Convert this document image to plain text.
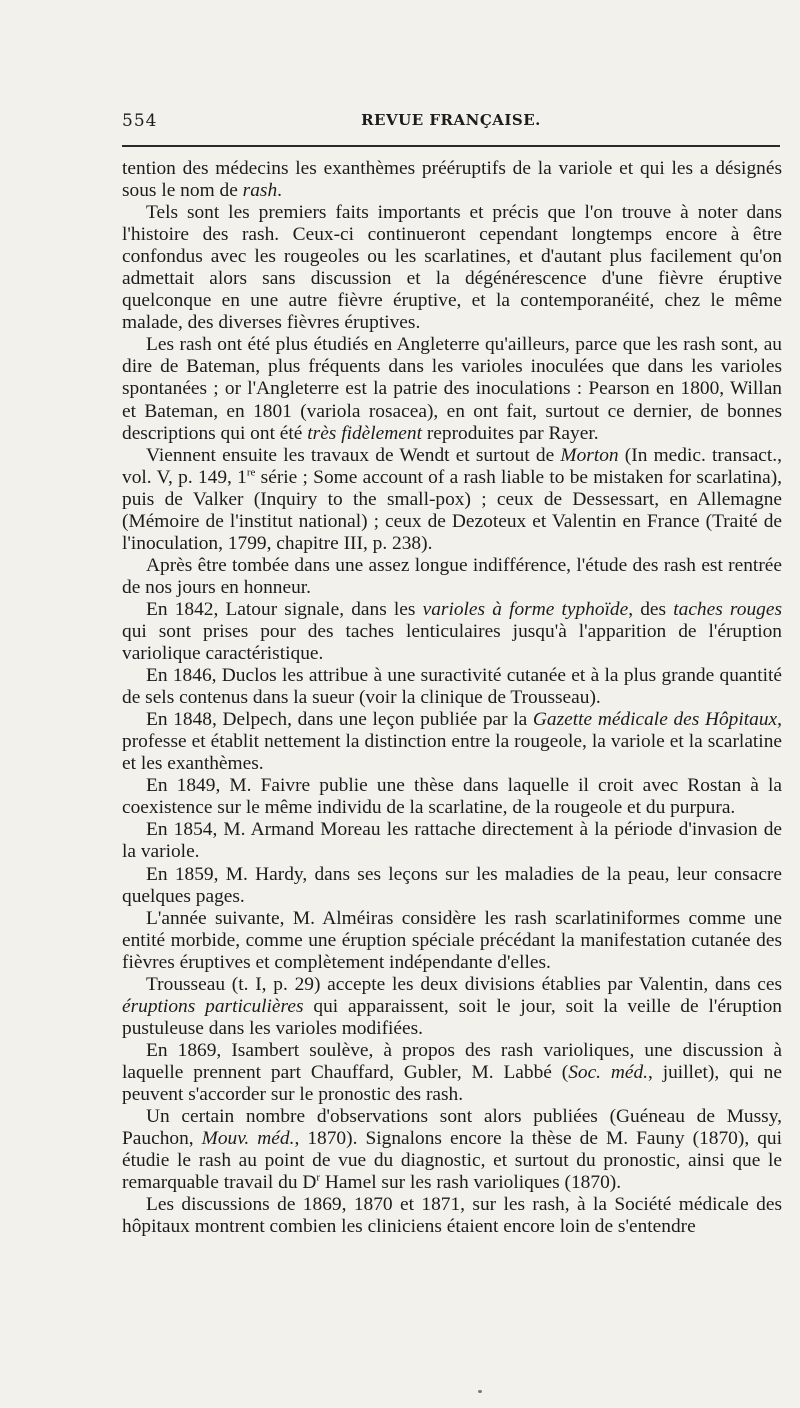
554	REVUE FRANÇAISE.

tention des médecins les exanthèmes prééruptifs de la variole et qui les a désignés sous le nom de rash.

Tels sont les premiers faits importants et précis que l'on trouve à noter dans l'histoire des rash. Ceux-ci continueront cependant longtemps encore à être confondus avec les rougeoles ou les scarlatines, et d'autant plus facilement qu'on admettait alors sans discussion et la dégénérescence d'une fièvre éruptive quelconque en une autre fièvre éruptive, et la contemporanéité, chez le même malade, des diverses fièvres éruptives.

Les rash ont été plus étudiés en Angleterre qu'ailleurs, parce que les rash sont, au dire de Bateman, plus fréquents dans les varioles inoculées que dans les varioles spontanées ; or l'Angleterre est la patrie des inoculations : Pearson en 1800, Willan et Bateman, en 1801 (variola rosacea), en ont fait, surtout ce dernier, de bonnes descriptions qui ont été très fidèlement reproduites par Rayer.

Viennent ensuite les travaux de Wendt et surtout de Morton (In medic. transact., vol. V, p. 149, 1re série ; Some account of a rash liable to be mistaken for scarlatina), puis de Valker (Inquiry to the small-pox) ; ceux de Dessessart, en Allemagne (Mémoire de l'institut national) ; ceux de Dezoteux et Valentin en France (Traité de l'inoculation, 1799, chapitre III, p. 238).

Après être tombée dans une assez longue indifférence, l'étude des rash est rentrée de nos jours en honneur.

En 1842, Latour signale, dans les varioles à forme typhoïde, des taches rouges qui sont prises pour des taches lenticulaires jusqu'à l'apparition de l'éruption variolique caractéristique.

En 1846, Duclos les attribue à une suractivité cutanée et à la plus grande quantité de sels contenus dans la sueur (voir la clinique de Trousseau).

En 1848, Delpech, dans une leçon publiée par la Gazette médicale des Hôpitaux, professe et établit nettement la distinction entre la rougeole, la variole et la scarlatine et les exanthèmes.

En 1849, M. Faivre publie une thèse dans laquelle il croit avec Rostan à la coexistence sur le même individu de la scarlatine, de la rougeole et du purpura.

En 1854, M. Armand Moreau les rattache directement à la période d'invasion de la variole.

En 1859, M. Hardy, dans ses leçons sur les maladies de la peau, leur consacre quelques pages.

L'année suivante, M. Alméiras considère les rash scarlatiniformes comme une entité morbide, comme une éruption spéciale précédant la manifestation cutanée des fièvres éruptives et complètement indépendante d'elles.

Trousseau (t. I, p. 29) accepte les deux divisions établies par Valentin, dans ces éruptions particulières qui apparaissent, soit le jour, soit la veille de l'éruption pustuleuse dans les varioles modifiées.

En 1869, Isambert soulève, à propos des rash varioliques, une discussion à laquelle prennent part Chauffard, Gubler, M. Labbé (Soc. méd., juillet), qui ne peuvent s'accorder sur le pronostic des rash.

Un certain nombre d'observations sont alors publiées (Guéneau de Mussy, Pauchon, Mouv. méd., 1870). Signalons encore la thèse de M. Fauny (1870), qui étudie le rash au point de vue du diagnostic, et surtout du pronostic, ainsi que le remarquable travail du $D^r$ Hamel sur les rash varioliques (1870).

Les discussions de 1869, 1870 et 1871, sur les rash, à la Société médicale des hôpitaux montrent combien les cliniciens étaient encore loin de s'entendre
